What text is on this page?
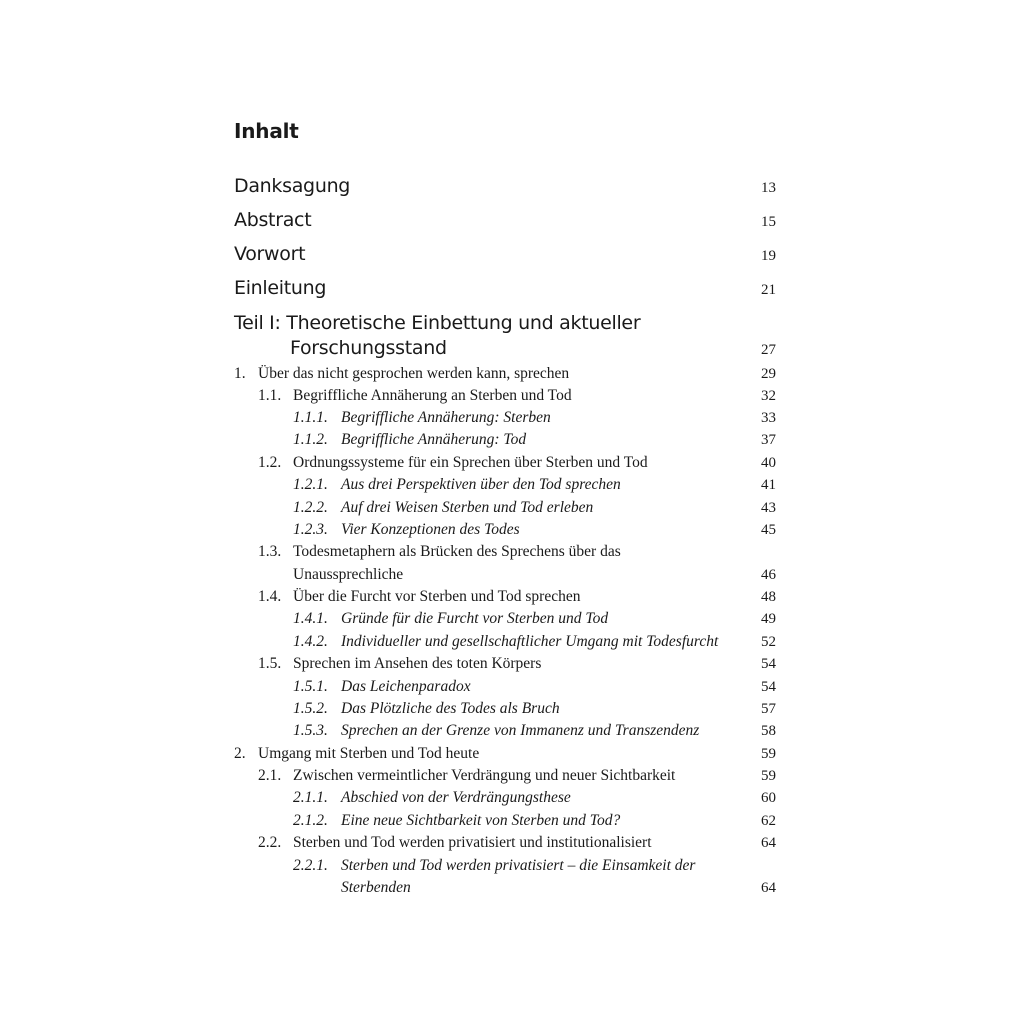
Inhalt
Danksagung	13
Abstract	15
Vorwort	19
Einleitung	21
Teil I: Theoretische Einbettung und aktueller
Forschungsstand	27
1. Über das nicht gesprochen werden kann, sprechen	29
1.1. Begriffliche Annäherung an Sterben und Tod	32
1.1.1. Begriffliche Annäherung: Sterben	33
1.1.2. Begriffliche Annäherung: Tod	37
1.2. Ordnungssysteme für ein Sprechen über Sterben und Tod	40
1.2.1. Aus drei Perspektiven über den Tod sprechen	41
1.2.2. Auf drei Weisen Sterben und Tod erleben	43
1.2.3. Vier Konzeptionen des Todes	45
1.3. Todesmetaphern als Brücken des Sprechens über das
Unaussprechliche	46
1.4. Über die Furcht vor Sterben und Tod sprechen	48
1.4.1. Gründe für die Furcht vor Sterben und Tod	49
1.4.2. Individueller und gesellschaftlicher Umgang mit Todesfurcht	52
1.5. Sprechen im Ansehen des toten Körpers	54
1.5.1. Das Leichenparadox	54
1.5.2. Das Plötzliche des Todes als Bruch	57
1.5.3. Sprechen an der Grenze von Immanenz und Transzendenz	58
2. Umgang mit Sterben und Tod heute	59
2.1. Zwischen vermeintlicher Verdrängung und neuer Sichtbarkeit	59
2.1.1. Abschied von der Verdrängungsthese	60
2.1.2. Eine neue Sichtbarkeit von Sterben und Tod?	62
2.2. Sterben und Tod werden privatisiert und institutionalisiert	64
2.2.1. Sterben und Tod werden privatisiert – die Einsamkeit der
Sterbenden	64
